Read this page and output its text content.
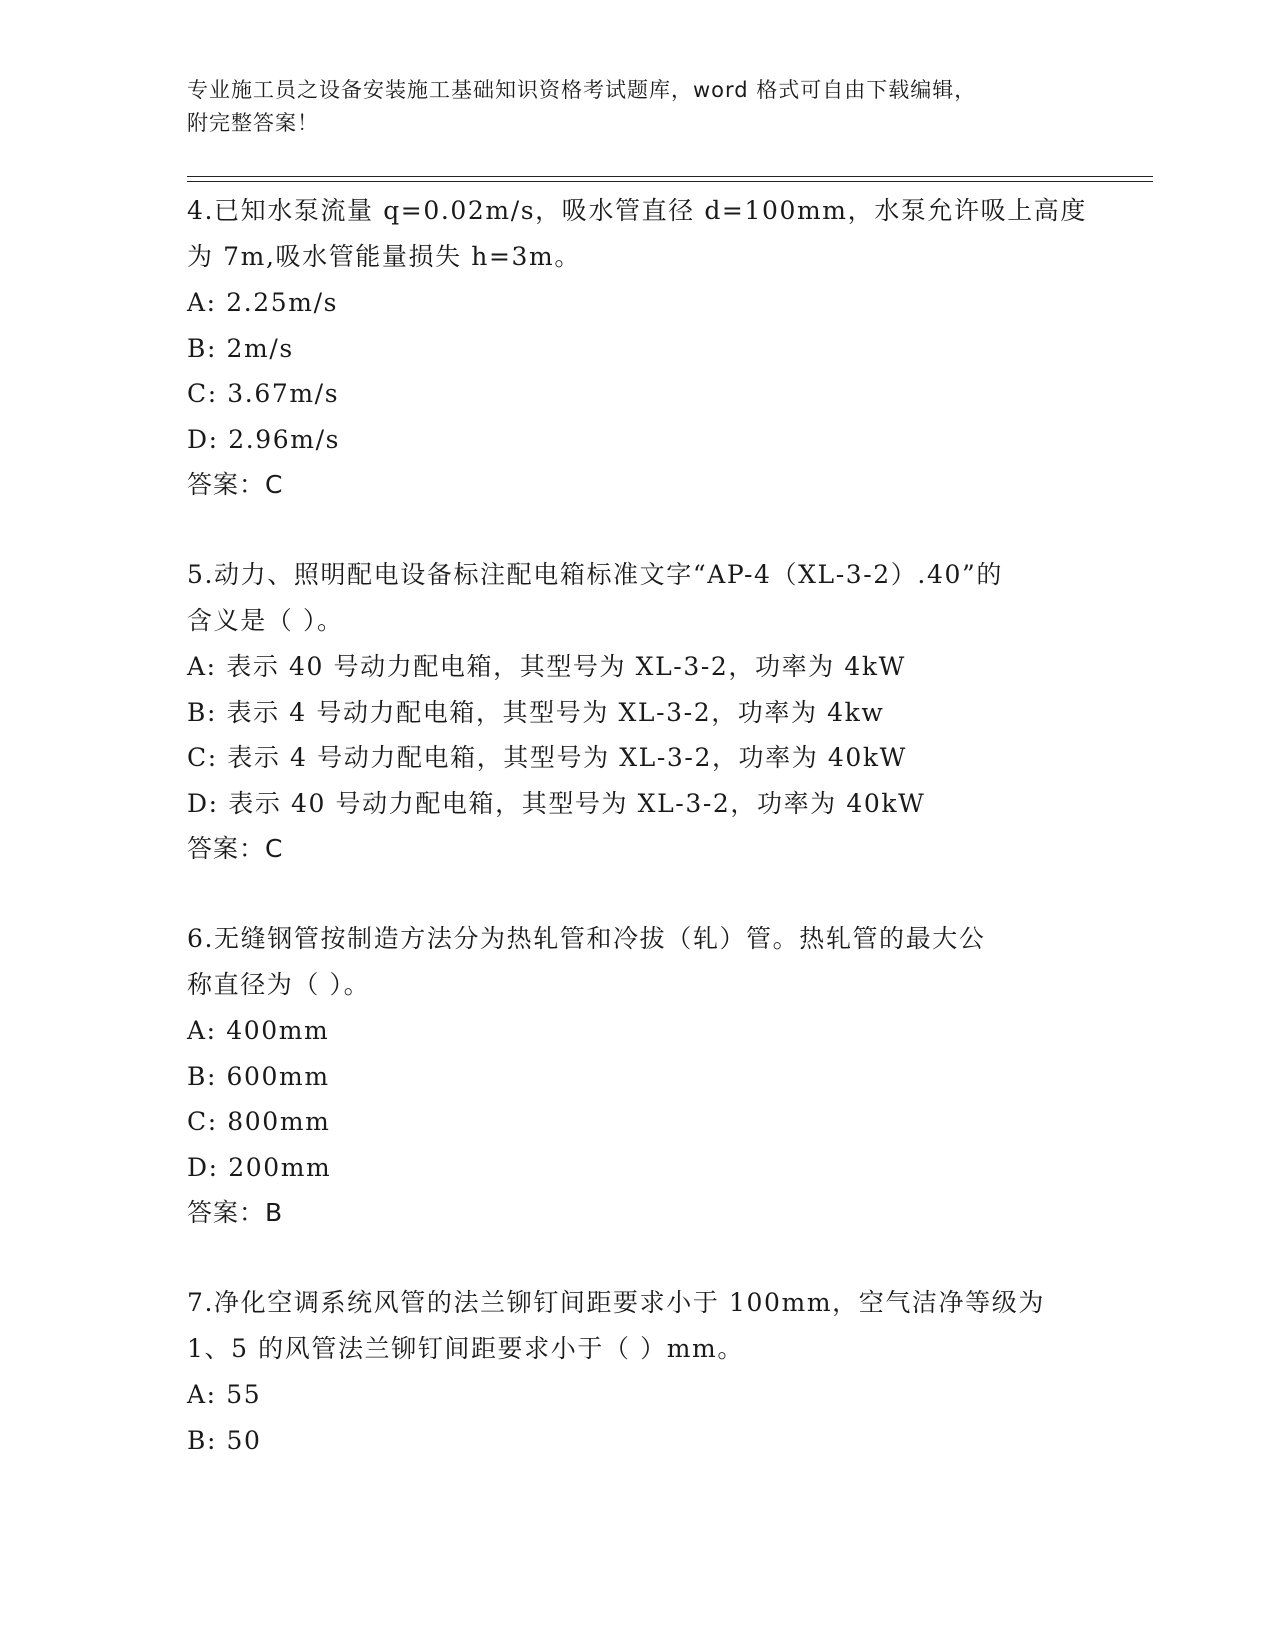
专业施工员之设备安装施工基础知识资格考试题库，word 格式可自由下载编辑，
附完整答案！
4.已知水泵流量 q=0.02m/s，吸水管直径 d=100mm，水泵允许吸上高度
为 7m,吸水管能量损失 h=3m。
A: 2.25m/s
B: 2m/s
C: 3.67m/s
D: 2.96m/s
答案：C
5.动力、照明配电设备标注配电箱标准文字“AP-4（XL-3-2）.40”的
含义是（ ）。
A: 表示 40 号动力配电箱，其型号为 XL-3-2，功率为 4kW
B: 表示 4 号动力配电箱，其型号为 XL-3-2，功率为 4kw
C: 表示 4 号动力配电箱，其型号为 XL-3-2，功率为 40kW
D: 表示 40 号动力配电箱，其型号为 XL-3-2，功率为 40kW
答案：C
6.无缝钢管按制造方法分为热轧管和冷拔（轧）管。热轧管的最大公
称直径为（ ）。
A: 400mm
B: 600mm
C: 800mm
D: 200mm
答案：B
7.净化空调系统风管的法兰铆钉间距要求小于 100mm，空气洁净等级为
1、5 的风管法兰铆钉间距要求小于（ ）mm。
A: 55
B: 50
